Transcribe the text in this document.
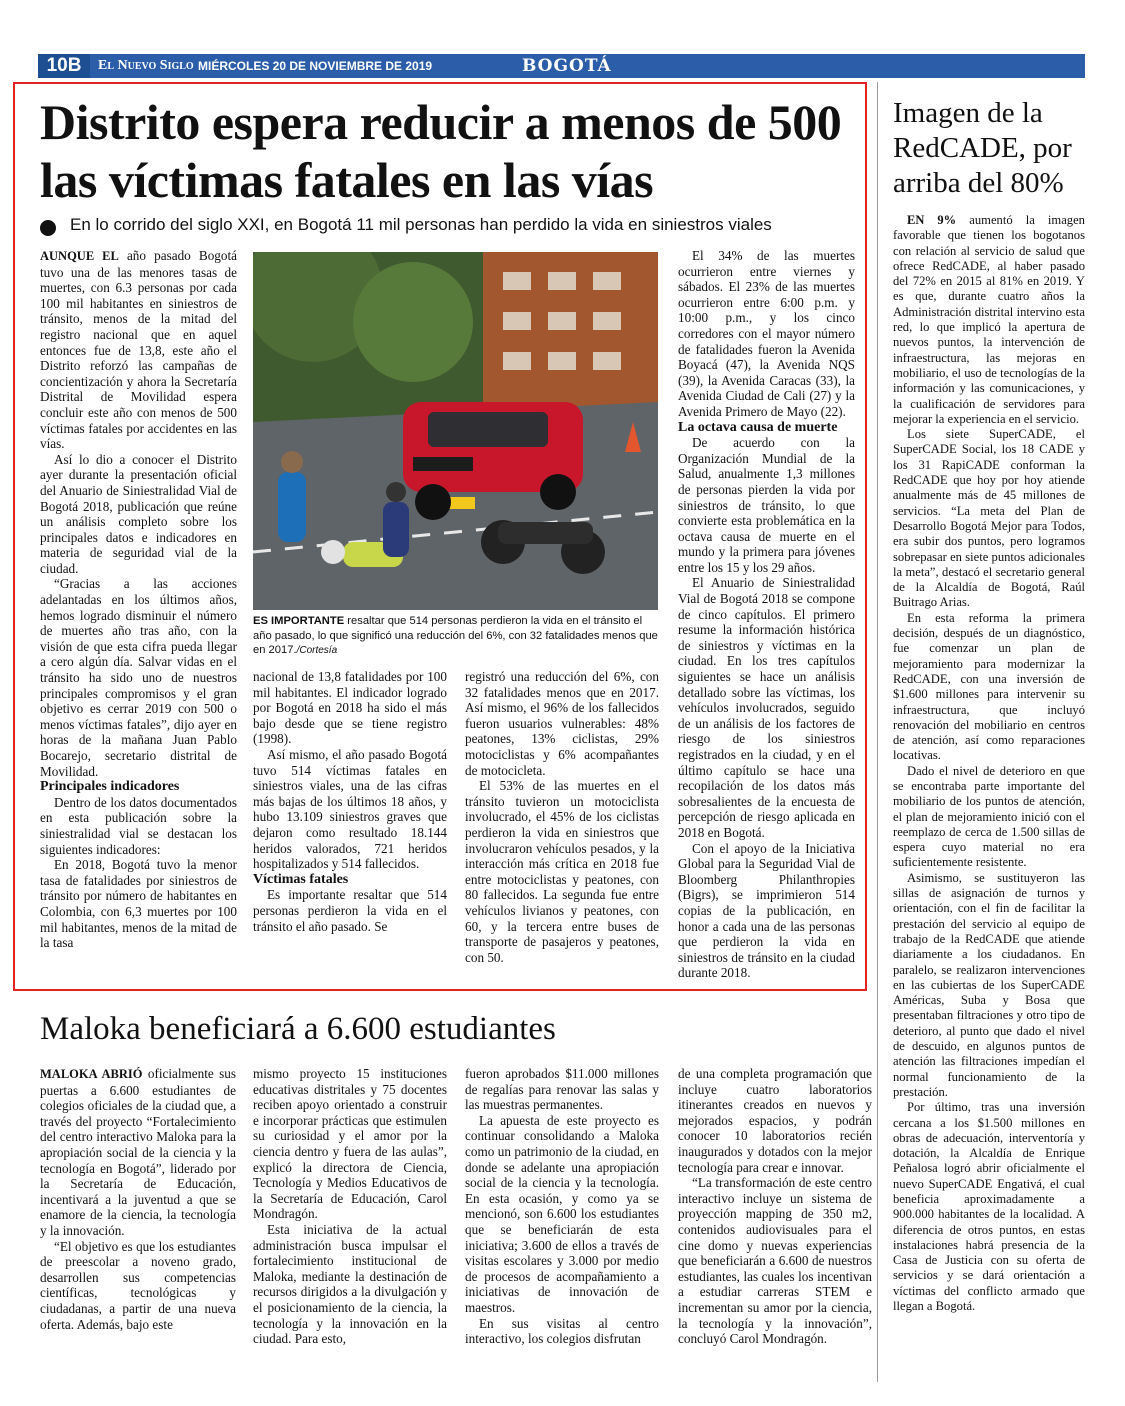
10B	El Nuevo Siglo MIÉRCOLES 20 DE NOVIEMBRE DE 2019	BOGOTÁ
Distrito espera reducir a menos de 500 las víctimas fatales en las vías
En lo corrido del siglo XXI, en Bogotá 11 mil personas han perdido la vida en siniestros viales

AUNQUE EL año pasado Bogotá tuvo una de las menores tasas de muertes, con 6.3 personas por cada 100 mil habitantes en siniestros de tránsito, menos de la mitad del registro nacional que en aquel entonces fue de 13,8, este año el Distrito reforzó las campañas de concientización y ahora la Secretaría Distrital de Movilidad espera concluir este año con menos de 500 víctimas fatales por accidentes en las vías.

Así lo dio a conocer el Distrito ayer durante la presentación oficial del Anuario de Siniestralidad Vial de Bogotá 2018, publicación que reúne un análisis completo sobre los principales datos e indicadores en materia de seguridad vial de la ciudad.

“Gracias a las acciones adelantadas en los últimos años, hemos logrado disminuir el número de muertes año tras año, con la visión de que esta cifra pueda llegar a cero algún día. Salvar vidas en el tránsito ha sido uno de nuestros principales compromisos y el gran objetivo es cerrar 2019 con 500 o menos víctimas fatales”, dijo ayer en horas de la mañana Juan Pablo Bocarejo, secretario distrital de Movilidad.

Principales indicadores

Dentro de los datos documentados en esta publicación sobre la siniestralidad vial se destacan los siguientes indicadores:

En 2018, Bogotá tuvo la menor tasa de fatalidades por siniestros de tránsito por número de habitantes en Colombia, con 6,3 muertes por 100 mil habitantes, menos de la mitad de la tasa

ES IMPORTANTE resaltar que 514 personas perdieron la vida en el tránsito el año pasado, lo que significó una reducción del 6%, con 32 fatalidades menos que en 2017./Cortesía

nacional de 13,8 fatalidades por 100 mil habitantes. El indicador logrado por Bogotá en 2018 ha sido el más bajo desde que se tiene registro (1998).

Así mismo, el año pasado Bogotá tuvo 514 víctimas fatales en siniestros viales, una de las cifras más bajas de los últimos 18 años, y hubo 13.109 siniestros graves que dejaron como resultado 18.144 heridos valorados, 721 heridos hospitalizados y 514 fallecidos.

Víctimas fatales

Es importante resaltar que 514 personas perdieron la vida en el tránsito el año pasado. Se

registró una reducción del 6%, con 32 fatalidades menos que en 2017. Así mismo, el 96% de los fallecidos fueron usuarios vulnerables: 48% peatones, 13% ciclistas, 29% motociclistas y 6% acompañantes de motocicleta.

El 53% de las muertes en el tránsito tuvieron un motociclista involucrado, el 45% de los ciclistas perdieron la vida en siniestros que involucraron vehículos pesados, y la interacción más crítica en 2018 fue entre motociclistas y peatones, con 80 fallecidos. La segunda fue entre vehículos livianos y peatones, con 60, y la tercera entre buses de transporte de pasajeros y peatones, con 50.

El 34% de las muertes ocurrieron entre viernes y sábados. El 23% de las muertes ocurrieron entre 6:00 p.m. y 10:00 p.m., y los cinco corredores con el mayor número de fatalidades fueron la Avenida Boyacá (47), la Avenida NQS (39), la Avenida Caracas (33), la Avenida Ciudad de Cali (27) y la Avenida Primero de Mayo (22).

La octava causa de muerte

De acuerdo con la Organización Mundial de la Salud, anualmente 1,3 millones de personas pierden la vida por siniestros de tránsito, lo que convierte esta problemática en la octava causa de muerte en el mundo y la primera para jóvenes entre los 15 y los 29 años.

El Anuario de Siniestralidad Vial de Bogotá 2018 se compone de cinco capítulos. El primero resume la información histórica de siniestros y víctimas en la ciudad. En los tres capítulos siguientes se hace un análisis detallado sobre las víctimas, los vehículos involucrados, seguido de un análisis de los factores de riesgo de los siniestros registrados en la ciudad, y en el último capítulo se hace una recopilación de los datos más sobresalientes de la encuesta de percepción de riesgo aplicada en 2018 en Bogotá.

Con el apoyo de la Iniciativa Global para la Seguridad Vial de Bloomberg Philanthropies (Bigrs), se imprimieron 514 copias de la publicación, en honor a cada una de las personas que perdieron la vida en siniestros de tránsito en la ciudad durante 2018.

Imagen de la RedCADE, por arriba del 80%

EN 9% aumentó la imagen favorable que tienen los bogotanos con relación al servicio de salud que ofrece RedCADE, al haber pasado del 72% en 2015 al 81% en 2019. Y es que, durante cuatro años la Administración distrital intervino esta red, lo que implicó la apertura de nuevos puntos, la intervención de infraestructura, las mejoras en mobiliario, el uso de tecnologías de la información y las comunicaciones, y la cualificación de servidores para mejorar la experiencia en el servicio.

Los siete SuperCADE, el SuperCADE Social, los 18 CADE y los 31 RapiCADE conforman la RedCADE que hoy por hoy atiende anualmente más de 45 millones de servicios. “La meta del Plan de Desarrollo Bogotá Mejor para Todos, era subir dos puntos, pero logramos sobrepasar en siete puntos adicionales la meta”, destacó el secretario general de la Alcaldía de Bogotá, Raúl Buitrago Arias.

En esta reforma la primera decisión, después de un diagnóstico, fue comenzar un plan de mejoramiento para modernizar la RedCADE, con una inversión de $1.600 millones para intervenir su infraestructura, que incluyó renovación del mobiliario en centros de atención, así como reparaciones locativas.

Dado el nivel de deterioro en que se encontraba parte importante del mobiliario de los puntos de atención, el plan de mejoramiento inició con el reemplazo de cerca de 1.500 sillas de espera cuyo material no era suficientemente resistente.

Asimismo, se sustituyeron las sillas de asignación de turnos y orientación, con el fin de facilitar la prestación del servicio al equipo de trabajo de la RedCADE que atiende diariamente a los ciudadanos. En paralelo, se realizaron intervenciones en las cubiertas de los SuperCADE Américas, Suba y Bosa que presentaban filtraciones y otro tipo de deterioro, al punto que dado el nivel de descuido, en algunos puntos de atención las filtraciones impedían el normal funcionamiento de la prestación.

Por último, tras una inversión cercana a los $1.500 millones en obras de adecuación, interventoría y dotación, la Alcaldía de Enrique Peñalosa logró abrir oficialmente el nuevo SuperCADE Engativá, el cual beneficia aproximadamente a 900.000 habitantes de la localidad. A diferencia de otros puntos, en estas instalaciones habrá presencia de la Casa de Justicia con su oferta de servicios y se dará orientación a víctimas del conflicto armado que llegan a Bogotá.

Maloka beneficiará a 6.600 estudiantes

MALOKA ABRIÓ oficialmente sus puertas a 6.600 estudiantes de colegios oficiales de la ciudad que, a través del proyecto “Fortalecimiento del centro interactivo Maloka para la apropiación social de la ciencia y la tecnología en Bogotá”, liderado por la Secretaría de Educación, incentivará a la juventud a que se enamore de la ciencia, la tecnología y la innovación.

“El objetivo es que los estudiantes de preescolar a noveno grado, desarrollen sus competencias científicas, tecnológicas y ciudadanas, a partir de una nueva oferta. Además, bajo este

mismo proyecto 15 instituciones educativas distritales y 75 docentes reciben apoyo orientado a construir e incorporar prácticas que estimulen su curiosidad y el amor por la ciencia dentro y fuera de las aulas”, explicó la directora de Ciencia, Tecnología y Medios Educativos de la Secretaría de Educación, Carol Mondragón.

Esta iniciativa de la actual administración busca impulsar el fortalecimiento institucional de Maloka, mediante la destinación de recursos dirigidos a la divulgación y el posicionamiento de la ciencia, la tecnología y la innovación en la ciudad. Para esto,

fueron aprobados $11.000 millones de regalías para renovar las salas y las muestras permanentes.

La apuesta de este proyecto es continuar consolidando a Maloka como un patrimonio de la ciudad, en donde se adelante una apropiación social de la ciencia y la tecnología. En esta ocasión, y como ya se mencionó, son 6.600 los estudiantes que se beneficiarán de esta iniciativa; 3.600 de ellos a través de visitas escolares y 3.000 por medio de procesos de acompañamiento a iniciativas de innovación de maestros.

En sus visitas al centro interactivo, los colegios disfrutan

de una completa programación que incluye cuatro laboratorios itinerantes creados en nuevos y mejorados espacios, y podrán conocer 10 laboratorios recién inaugurados y dotados con la mejor tecnología para crear e innovar.

“La transformación de este centro interactivo incluye un sistema de proyección mapping de 350 m2, contenidos audiovisuales para el cine domo y nuevas experiencias que beneficiarán a 6.600 de nuestros estudiantes, las cuales los incentivan a estudiar carreras STEM e incrementan su amor por la ciencia, la tecnología y la innovación”, concluyó Carol Mondragón.
